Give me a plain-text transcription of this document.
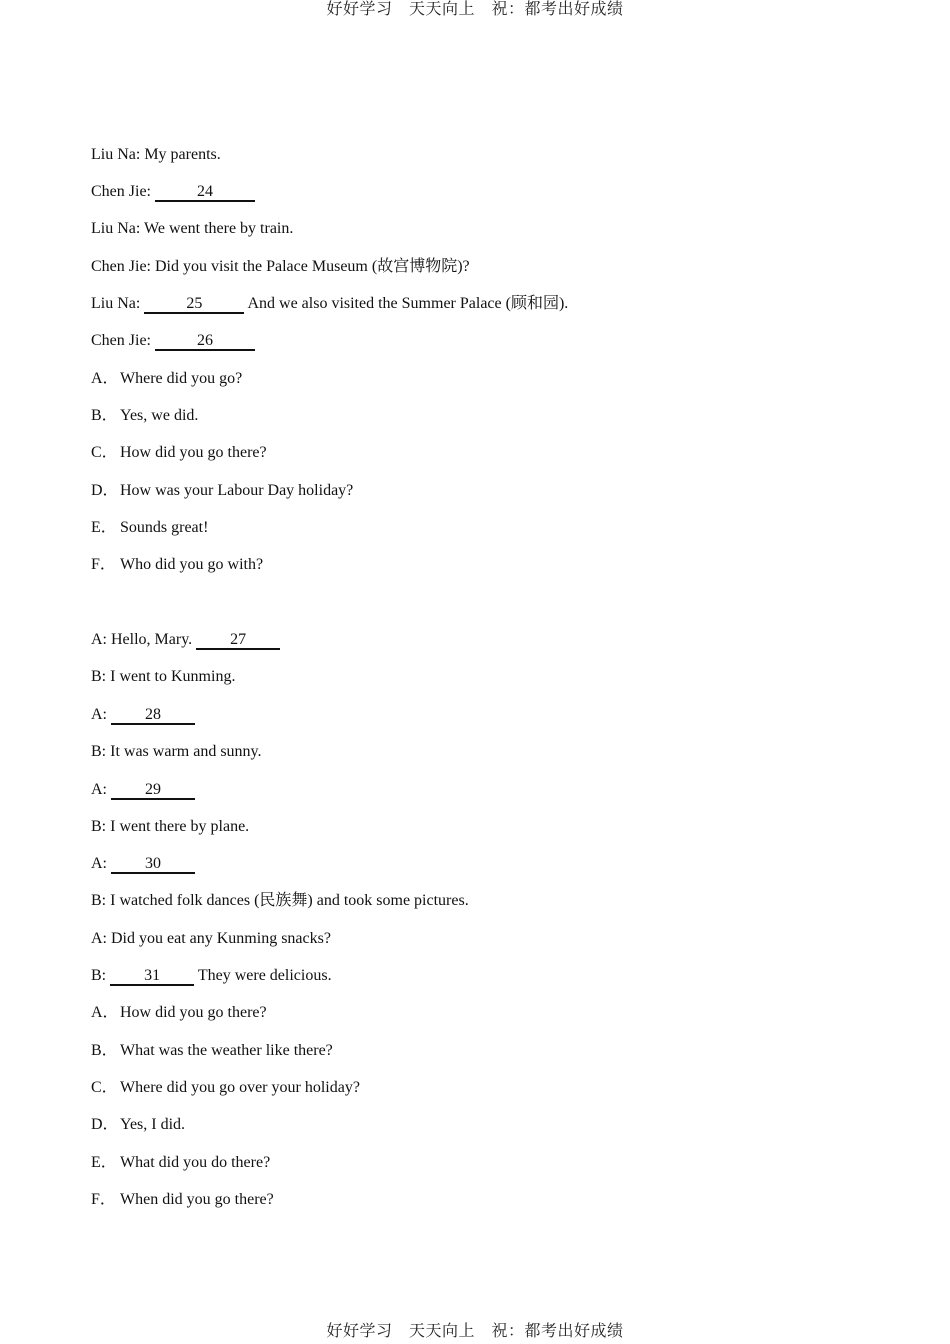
好好学习　天天向上　祝：都考出好成绩
Liu Na: My parents.
Chen Jie:	24
Liu Na: We went there by train.
Chen Jie: Did you visit the Palace Museum (故宫博物院)?
Liu Na:	25	And we also visited the Summer Palace (顾和园).
Chen Jie:	26
A．Where did you go?
B． Yes, we did.
C． How did you go there?
D．How was your Labour Day holiday?
E． Sounds great!
F． Who did you go with?
A: Hello, Mary. 27
B: I went to Kunming.
A: 28
B: It was warm and sunny.
A: 29
B: I went there by plane.
A: 30
B: I watched folk dances (民族舞) and took some pictures.
A: Did you eat any Kunming snacks?
B: 31 They were delicious.
A．How did you go there?
B． What was the weather like there?
C． Where did you go over your holiday?
D．Yes, I did.
E． What did you do there?
F． When did you go there?
好好学习　天天向上　祝：都考出好成绩
